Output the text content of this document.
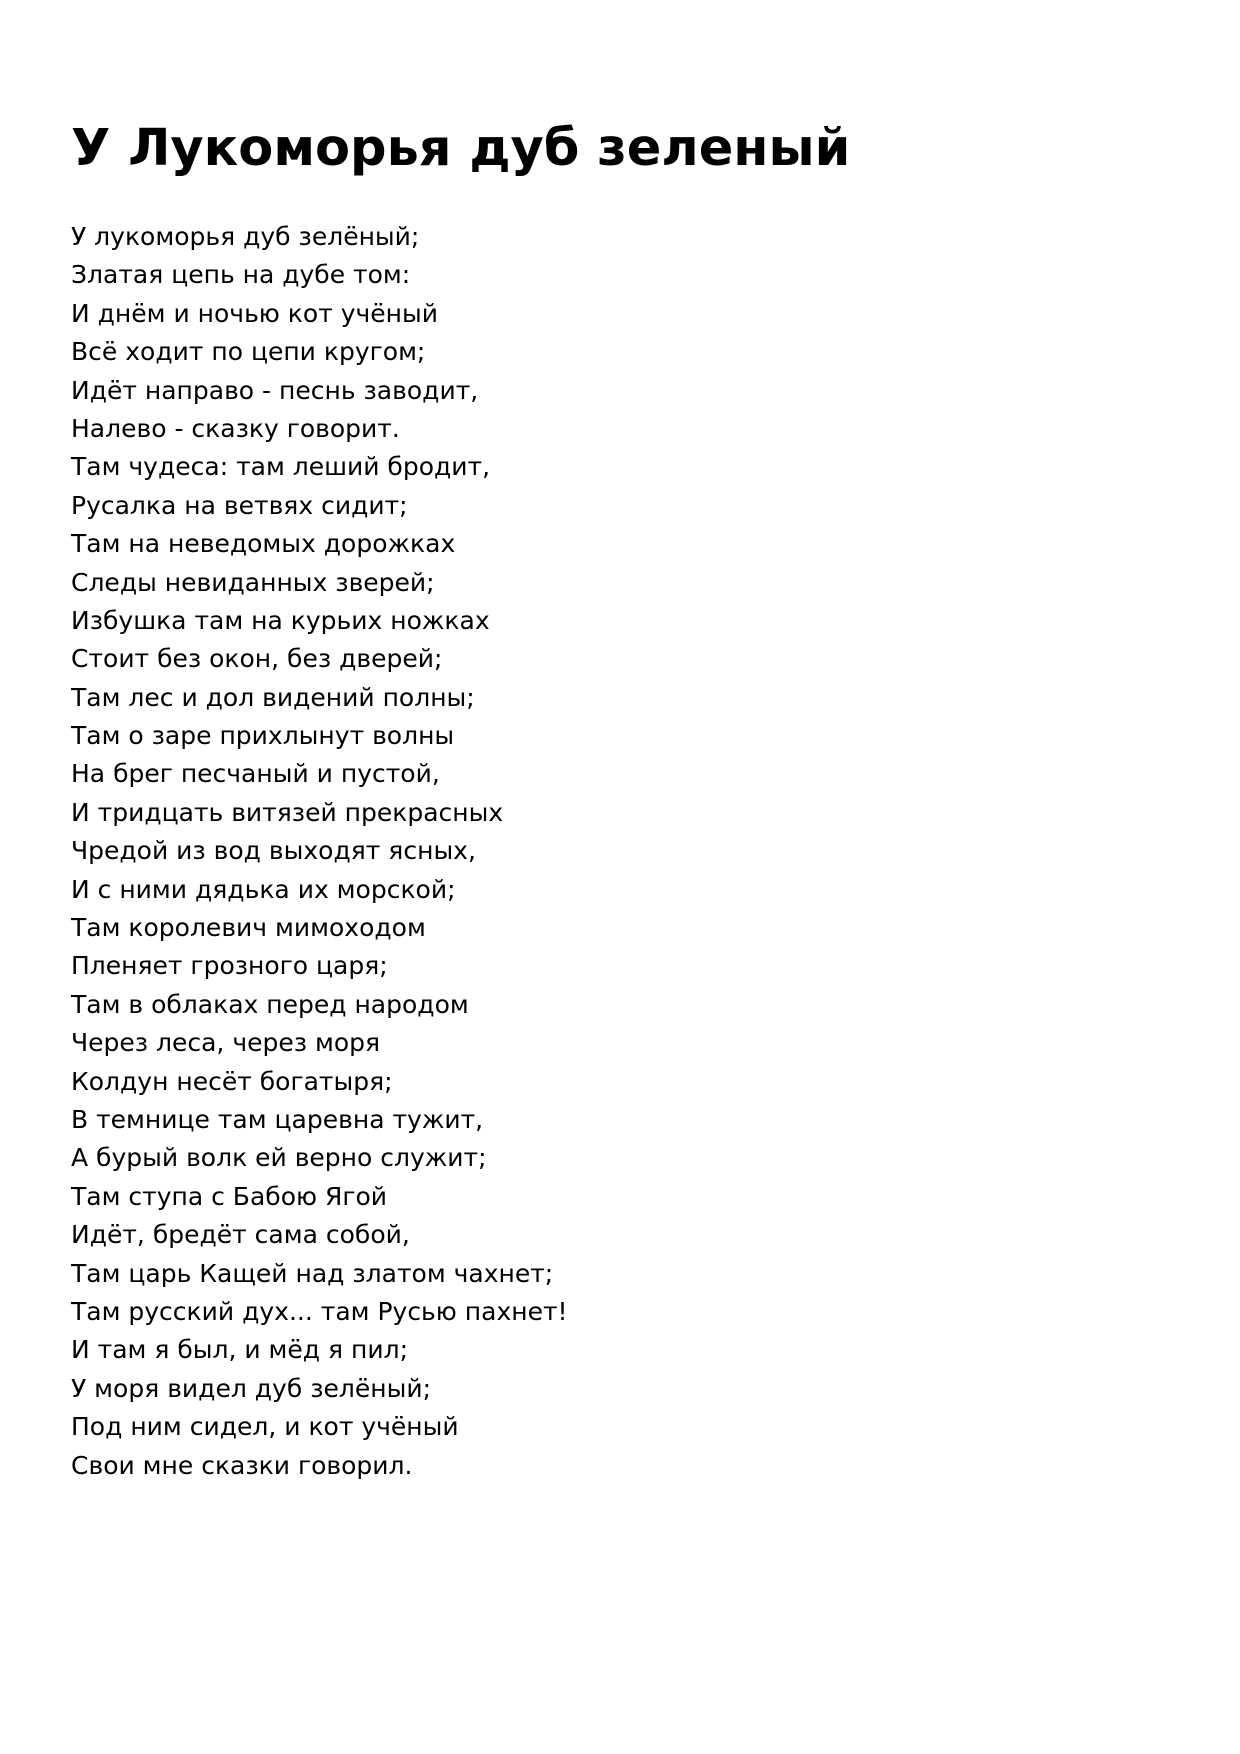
У Лукоморья дуб зеленый
У лукоморья дуб зелёный;
Златая цепь на дубе том:
И днём и ночью кот учёный
Всё ходит по цепи кругом;
Идёт направо - песнь заводит,
Налево - сказку говорит.
Там чудеса: там леший бродит,
Русалка на ветвях сидит;
Там на неведомых дорожках
Следы невиданных зверей;
Избушка там на курьих ножках
Стоит без окон, без дверей;
Там лес и дол видений полны;
Там о заре прихлынут волны
На брег песчаный и пустой,
И тридцать витязей прекрасных
Чредой из вод выходят ясных,
И с ними дядька их морской;
Там королевич мимоходом
Пленяет грозного царя;
Там в облаках перед народом
Через леса, через моря
Колдун несёт богатыря;
В темнице там царевна тужит,
А бурый волк ей верно служит;
Там ступа с Бабою Ягой
Идёт, бредёт сама собой,
Там царь Кащей над златом чахнет;
Там русский дух... там Русью пахнет!
И там я был, и мёд я пил;
У моря видел дуб зелёный;
Под ним сидел, и кот учёный
Свои мне сказки говорил.
